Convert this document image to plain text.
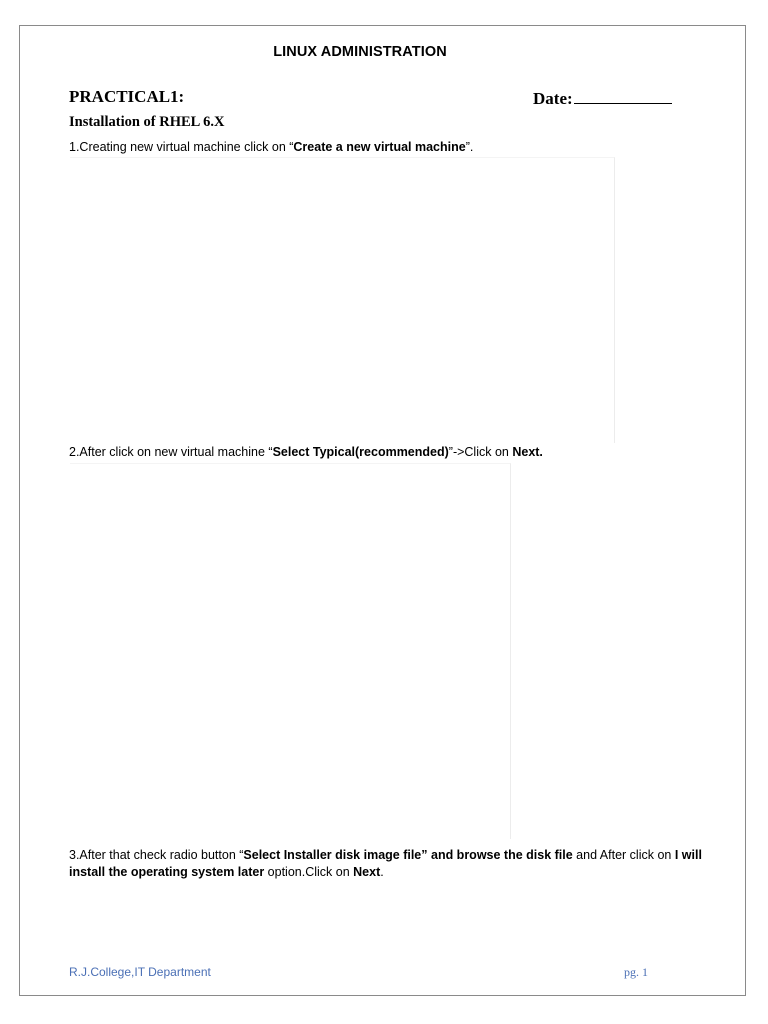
LINUX ADMINISTRATION
PRACTICAL1:	Date:
Installation of RHEL 6.X
1.Creating new virtual machine click on “Create a new virtual machine”.
2.After click on new virtual machine “Select Typical(recommended)”->Click on Next.
3.After that check radio button “Select Installer disk image file” and browse the disk file and After click on I will install the operating system later option.Click on Next.
R.J.College,IT Department	pg. 1
